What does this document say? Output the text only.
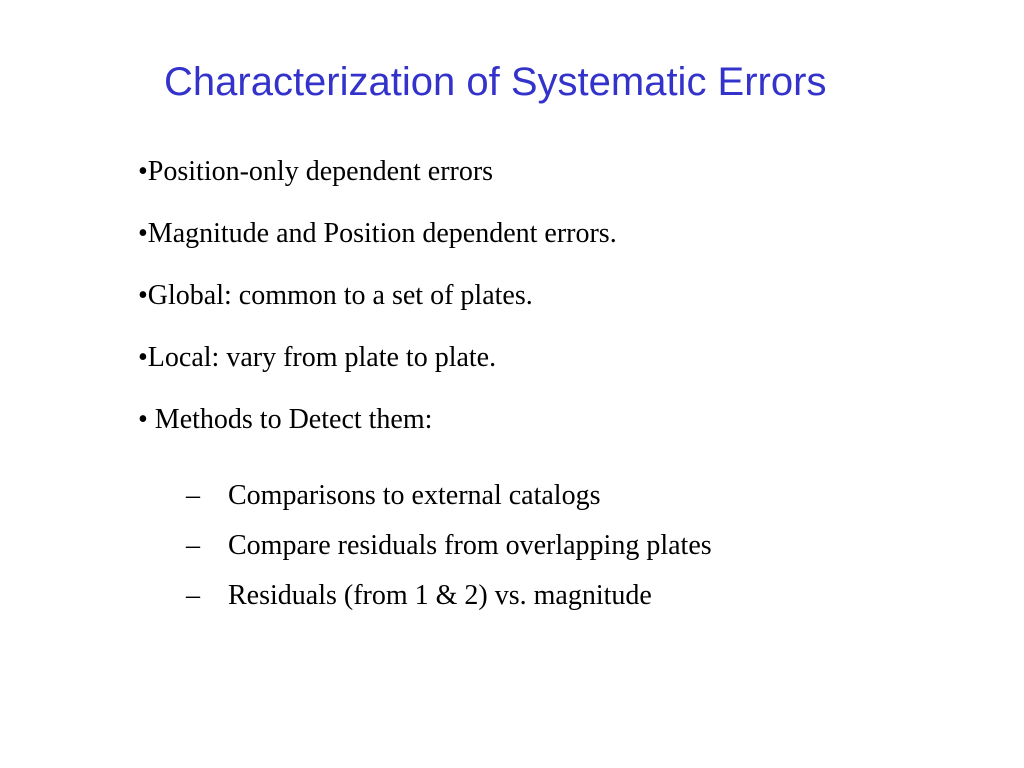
Characterization of Systematic Errors
•Position-only dependent errors
•Magnitude and Position dependent errors.
•Global: common to a set of plates.
•Local: vary from plate to plate.
• Methods to Detect them:
– Comparisons to external catalogs
– Compare residuals from overlapping plates
– Residuals (from 1 & 2) vs. magnitude
